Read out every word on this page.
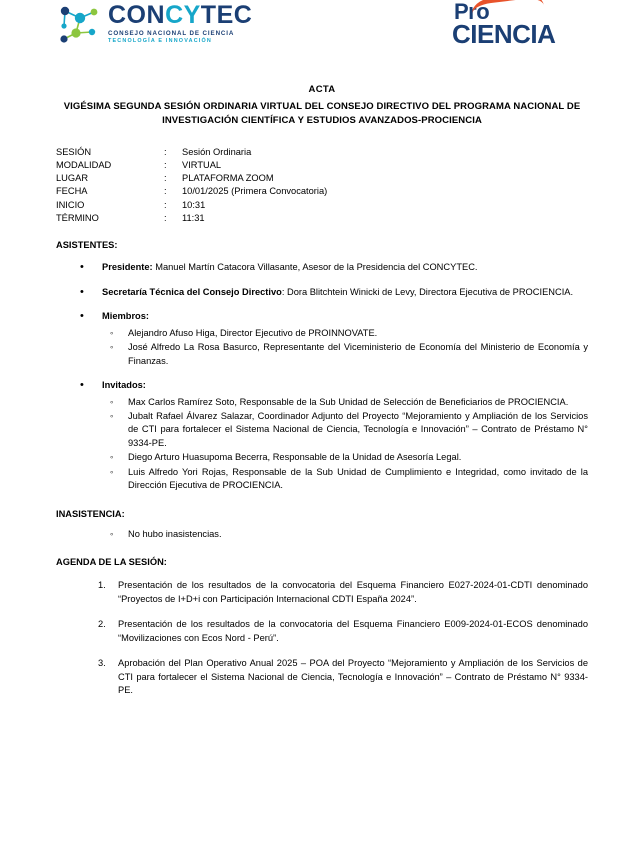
CONCYTEC
CONSEJO NACIONAL DE CIENCIA
TECNOLOGÍA E INNOVACIÓN
Pro
CIENCIA
ACTA
VIGÉSIMA SEGUNDA SESIÓN ORDINARIA VIRTUAL DEL CONSEJO DIRECTIVO DEL PROGRAMA NACIONAL DE INVESTIGACIÓN CIENTÍFICA Y ESTUDIOS AVANZADOS-PROCIENCIA
SESIÓN	:	Sesión Ordinaria
MODALIDAD	:	VIRTUAL
LUGAR	:	PLATAFORMA ZOOM
FECHA	:	10/01/2025 (Primera Convocatoria)
INICIO	:	10:31
TÉRMINO	:	11:31
ASISTENTES:
• Presidente: Manuel Martín Catacora Villasante, Asesor de la Presidencia del CONCYTEC.
• Secretaría Técnica del Consejo Directivo: Dora Blitchtein Winicki de Levy, Directora Ejecutiva de PROCIENCIA.
• Miembros:
◦ Alejandro Afuso Higa, Director Ejecutivo de PROINNOVATE.
◦ José Alfredo La Rosa Basurco, Representante del Viceministerio de Economía del Ministerio de Economía y Finanzas.
• Invitados:
◦ Max Carlos Ramírez Soto, Responsable de la Sub Unidad de Selección de Beneficiarios de PROCIENCIA.
◦ Jubalt Rafael Álvarez Salazar, Coordinador Adjunto del Proyecto “Mejoramiento y Ampliación de los Servicios de CTI para fortalecer el Sistema Nacional de Ciencia, Tecnología e Innovación” – Contrato de Préstamo N° 9334-PE.
◦ Diego Arturo Huasupoma Becerra, Responsable de la Unidad de Asesoría Legal.
◦ Luis Alfredo Yori Rojas, Responsable de la Sub Unidad de Cumplimiento e Integridad, como invitado de la Dirección Ejecutiva de PROCIENCIA.
INASISTENCIA:
◦ No hubo inasistencias.
AGENDA DE LA SESIÓN:
Presentación de los resultados de la convocatoria del Esquema Financiero E027-2024-01-CDTI denominado “Proyectos de I+D+i con Participación Internacional CDTI España 2024”.
Presentación de los resultados de la convocatoria del Esquema Financiero E009-2024-01-ECOS denominado “Movilizaciones con Ecos Nord - Perú”.
Aprobación del Plan Operativo Anual 2025 – POA del Proyecto “Mejoramiento y Ampliación de los Servicios de CTI para fortalecer el Sistema Nacional de Ciencia, Tecnología e Innovación” – Contrato de Préstamo N° 9334-PE.
